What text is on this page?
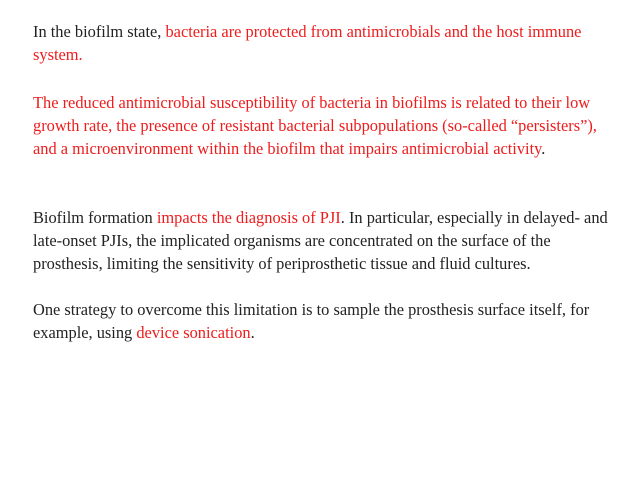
In the biofilm state, bacteria are protected from antimicrobials and the host immune system.

The reduced antimicrobial susceptibility of bacteria in biofilms is related to their low growth rate, the presence of resistant bacterial subpopulations (so-called “persisters”), and a microenvironment within the biofilm that impairs antimicrobial activity.

Biofilm formation impacts the diagnosis of PJI. In particular, especially in delayed- and late-onset PJIs, the implicated organisms are concentrated on the surface of the prosthesis, limiting the sensitivity of periprosthetic tissue and fluid cultures.

One strategy to overcome this limitation is to sample the prosthesis surface itself, for example, using device sonication.
